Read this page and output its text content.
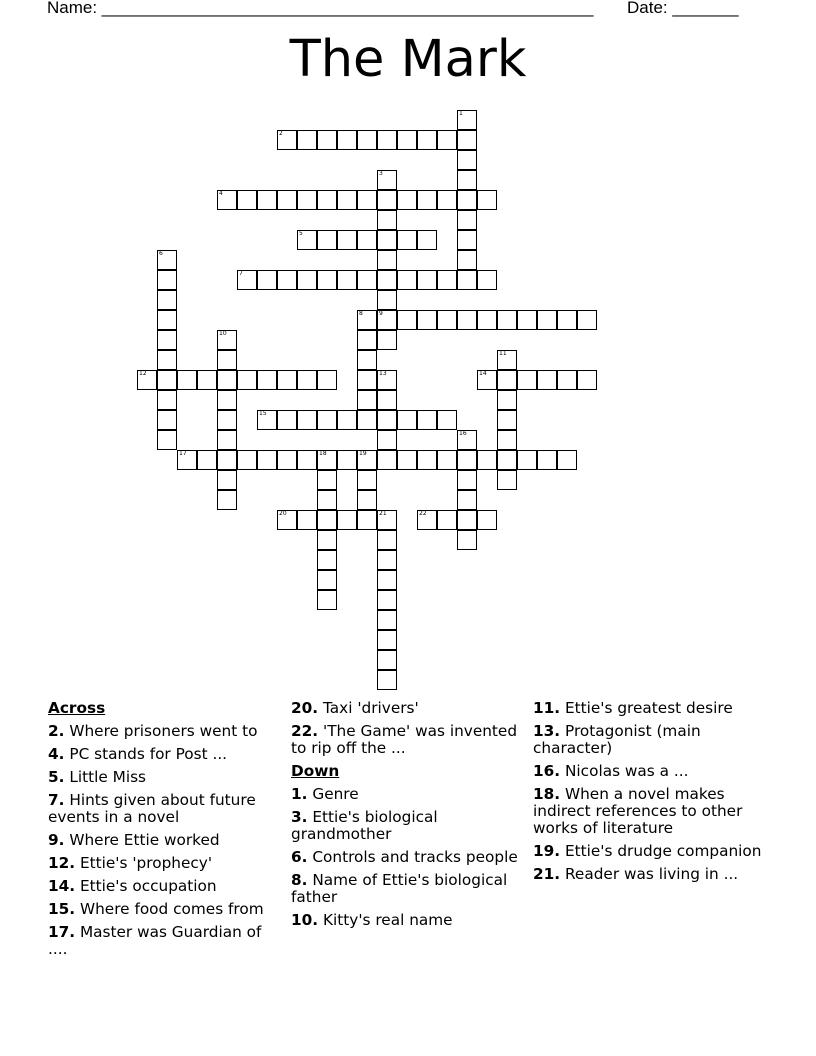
Name: ____________________________________________________ Date: _______
The Mark
1
2
3
9
4
5
6
7
8
10
11
12	13	14
15
16
17	18	19
20	21	22
Across
2. Where prisoners went to
4. PC stands for Post ...
5. Little Miss
7. Hints given about future events in a novel
9. Where Ettie worked
12. Ettie's 'prophecy'
14. Ettie's occupation
15. Where food comes from
17. Master was Guardian of ....
20. Taxi 'drivers'
22. 'The Game' was invented to rip off the ...
Down
1. Genre
3. Ettie's biological grandmother
6. Controls and tracks people
8. Name of Ettie's biological father
10. Kitty's real name
11. Ettie's greatest desire
13. Protagonist (main character)
16. Nicolas was a ...
18. When a novel makes indirect references to other works of literature
19. Ettie's drudge companion
21. Reader was living in ...
